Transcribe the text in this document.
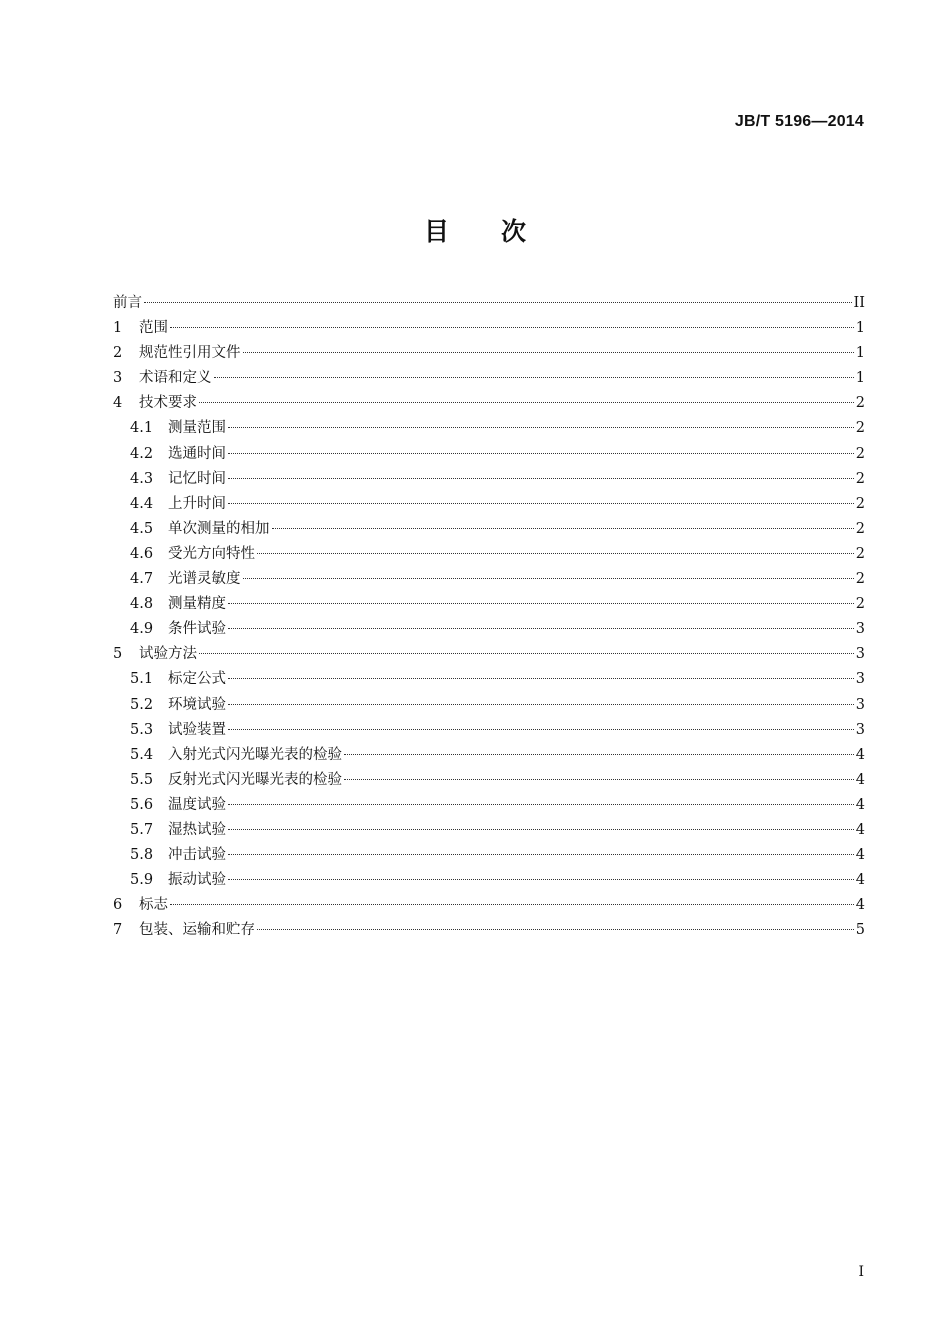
JB/T 5196—2014
目次
前言	II
1	范围	1
2	规范性引用文件	1
3	术语和定义	1
4	技术要求	2
4.1	测量范围	2
4.2	选通时间	2
4.3	记忆时间	2
4.4	上升时间	2
4.5	单次测量的相加	2
4.6	受光方向特性	2
4.7	光谱灵敏度	2
4.8	测量精度	2
4.9	条件试验	3
5	试验方法	3
5.1	标定公式	3
5.2	环境试验	3
5.3	试验装置	3
5.4	入射光式闪光曝光表的检验	4
5.5	反射光式闪光曝光表的检验	4
5.6	温度试验	4
5.7	湿热试验	4
5.8	冲击试验	4
5.9	振动试验	4
6	标志	4
7	包装、运输和贮存	5
I
